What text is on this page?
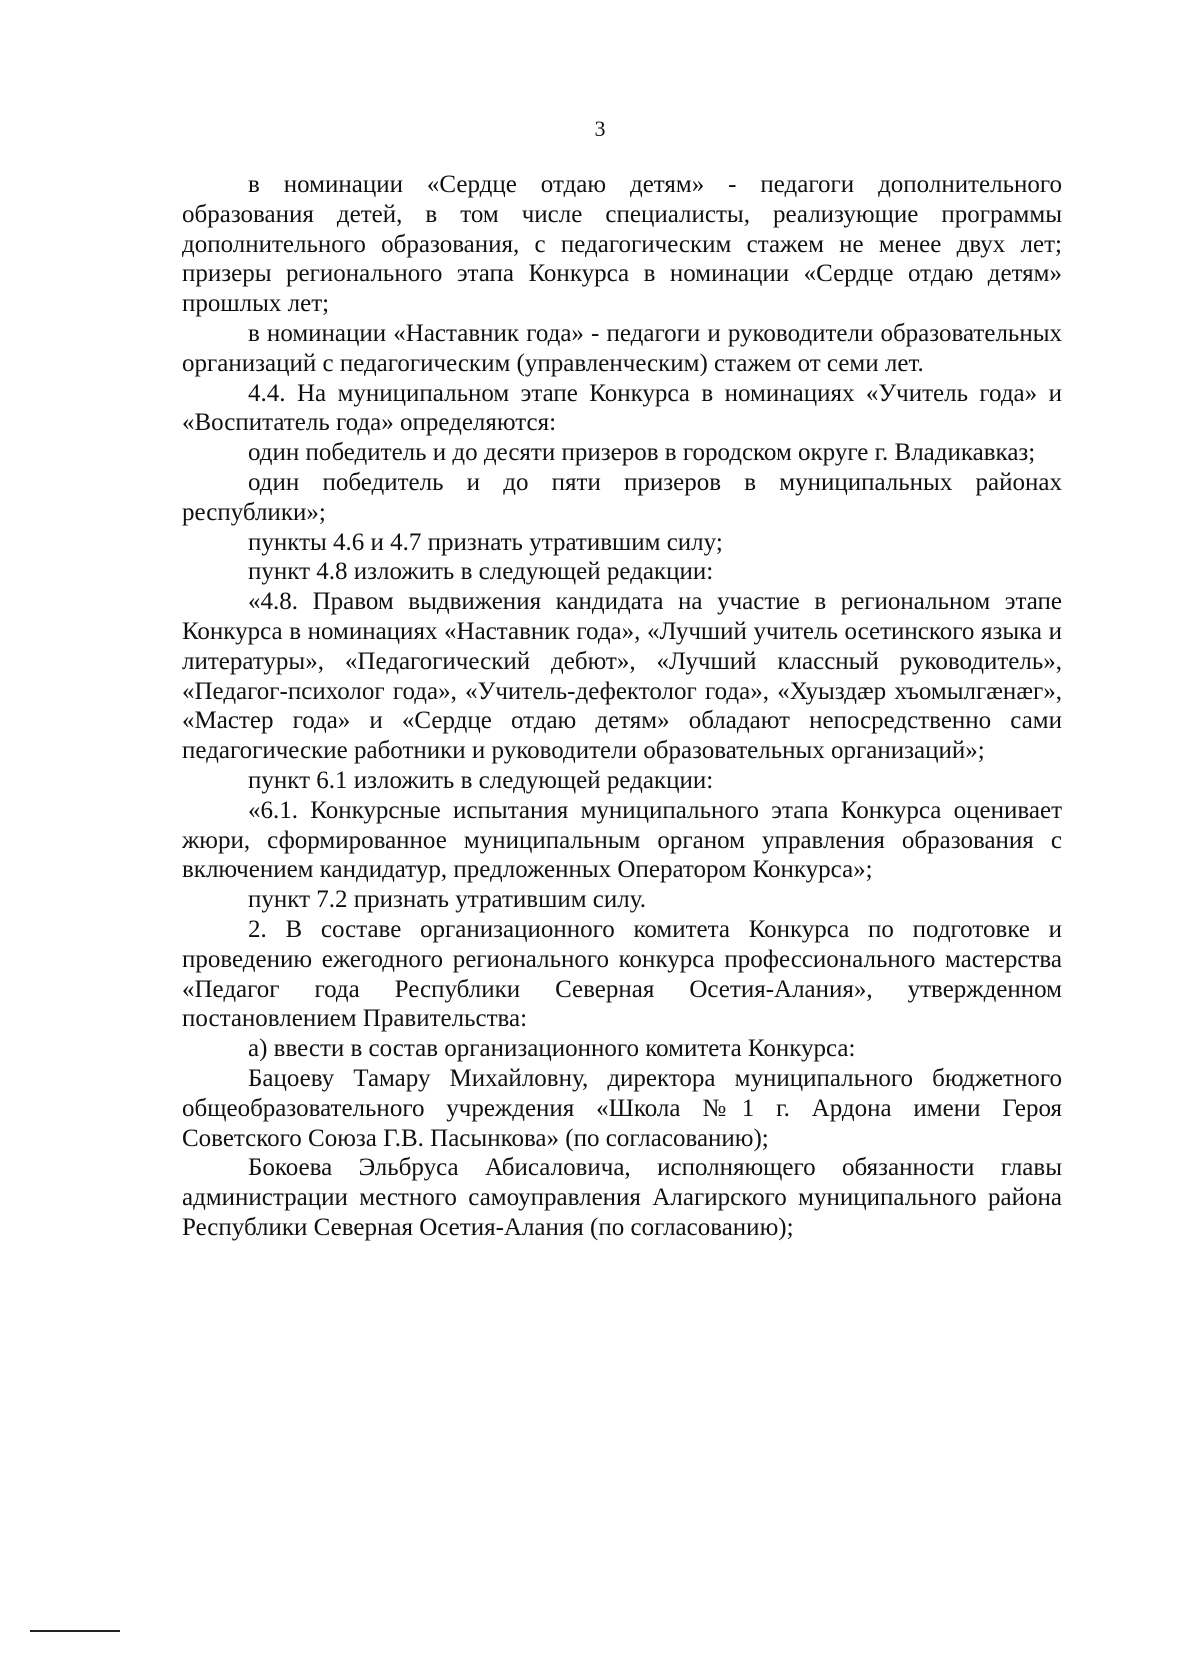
3

в номинации «Сердце отдаю детям» - педагоги дополнительного образования детей, в том числе специалисты, реализующие программы дополнительного образования, с педагогическим стажем не менее двух лет; призеры регионального этапа Конкурса в номинации «Сердце отдаю детям» прошлых лет;

в номинации «Наставник года» - педагоги и руководители образовательных организаций с педагогическим (управленческим) стажем от семи лет.

4.4. На муниципальном этапе Конкурса в номинациях «Учитель года» и «Воспитатель года» определяются:

один победитель и до десяти призеров в городском округе г. Владикавказ;

один победитель и до пяти призеров в муниципальных районах республики»;

пункты 4.6 и 4.7 признать утратившим силу;

пункт 4.8 изложить в следующей редакции:

«4.8. Правом выдвижения кандидата на участие в региональном этапе Конкурса в номинациях «Наставник года», «Лучший учитель осетинского языка и литературы», «Педагогический дебют», «Лучший классный руководитель», «Педагог-психолог года», «Учитель-дефектолог года», «Хуыздæр хъомылгæнæг», «Мастер года» и «Сердце отдаю детям» обладают непосредственно сами педагогические работники и руководители образовательных организаций»;

пункт 6.1 изложить в следующей редакции:

«6.1. Конкурсные испытания муниципального этапа Конкурса оценивает жюри, сформированное муниципальным органом управления образования с включением кандидатур, предложенных Оператором Конкурса»;

пункт 7.2 признать утратившим силу.

2. В составе организационного комитета Конкурса по подготовке и проведению ежегодного регионального конкурса профессионального мастерства «Педагог года Республики Северная Осетия-Алания», утвержденном постановлением Правительства:

а) ввести в состав организационного комитета Конкурса:

Бацоеву Тамару Михайловну, директора муниципального бюджетного общеобразовательного учреждения «Школа №1 г. Ардона имени Героя Советского Союза Г.В. Пасынкова» (по согласованию);

Бокоева Эльбруса Абисаловича, исполняющего обязанности главы администрации местного самоуправления Алагирского муниципального района Республики Северная Осетия-Алания (по согласованию);
